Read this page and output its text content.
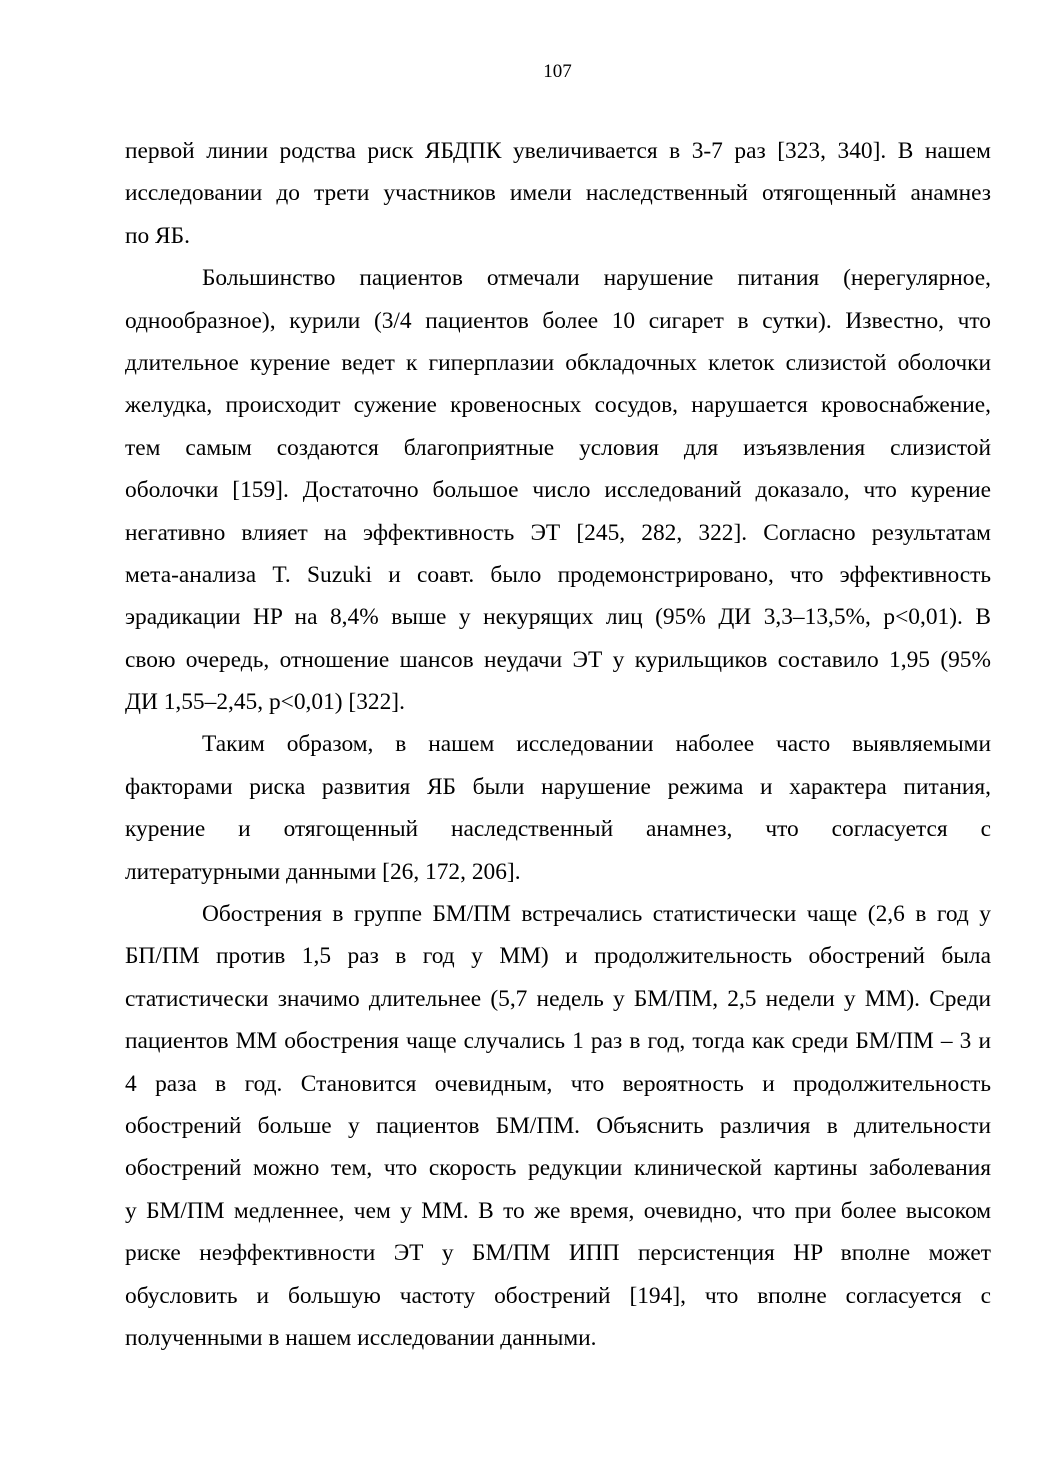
107
первой линии родства риск ЯБДПК увеличивается в 3-7 раз [323, 340]. В нашем
исследовании до трети участников имели наследственный отягощенный анамнез
по ЯБ.
Большинство пациентов отмечали нарушение питания (нерегулярное,
однообразное), курили (3/4 пациентов более 10 сигарет в сутки). Известно, что
длительное курение ведет к гиперплазии обкладочных клеток слизистой оболочки
желудка, происходит сужение кровеносных сосудов, нарушается кровоснабжение,
тем самым создаются благоприятные условия для изъязвления слизистой
оболочки [159]. Достаточно большое число исследований доказало, что курение
негативно влияет на эффективность ЭТ [245, 282, 322]. Согласно результатам
мета-анализа T. Suzuki и соавт. было продемонстрировано, что эффективность
эрадикации HP на 8,4% выше у некурящих лиц (95% ДИ 3,3–13,5%, p<0,01). В
свою очередь, отношение шансов неудачи ЭТ у курильщиков составило 1,95 (95%
ДИ 1,55–2,45, p<0,01) [322].
Таким образом, в нашем исследовании наболее часто выявляемыми
факторами риска развития ЯБ были нарушение режима и характера питания,
курение и отягощенный наследственный анамнез, что согласуется с
литературными данными [26, 172, 206].
Обострения в группе БМ/ПМ встречались статистически чаще (2,6 в год у
БП/ПМ против 1,5 раз в год у ММ) и продолжительность обострений была
статистически значимо длительнее (5,7 недель у БМ/ПМ, 2,5 недели у ММ). Среди
пациентов ММ обострения чаще случались 1 раз в год, тогда как среди БМ/ПМ – 3 и
4 раза в год. Становится очевидным, что вероятность и продолжительность
обострений больше у пациентов БМ/ПМ. Объяснить различия в длительности
обострений можно тем, что скорость редукции клинической картины заболевания
у БМ/ПМ медленнее, чем у ММ. В то же время, очевидно, что при более высоком
риске неэффективности ЭТ у БМ/ПМ ИПП персистенция HP вполне может
обусловить и большую частоту обострений [194], что вполне согласуется с
полученными в нашем исследовании данными.
